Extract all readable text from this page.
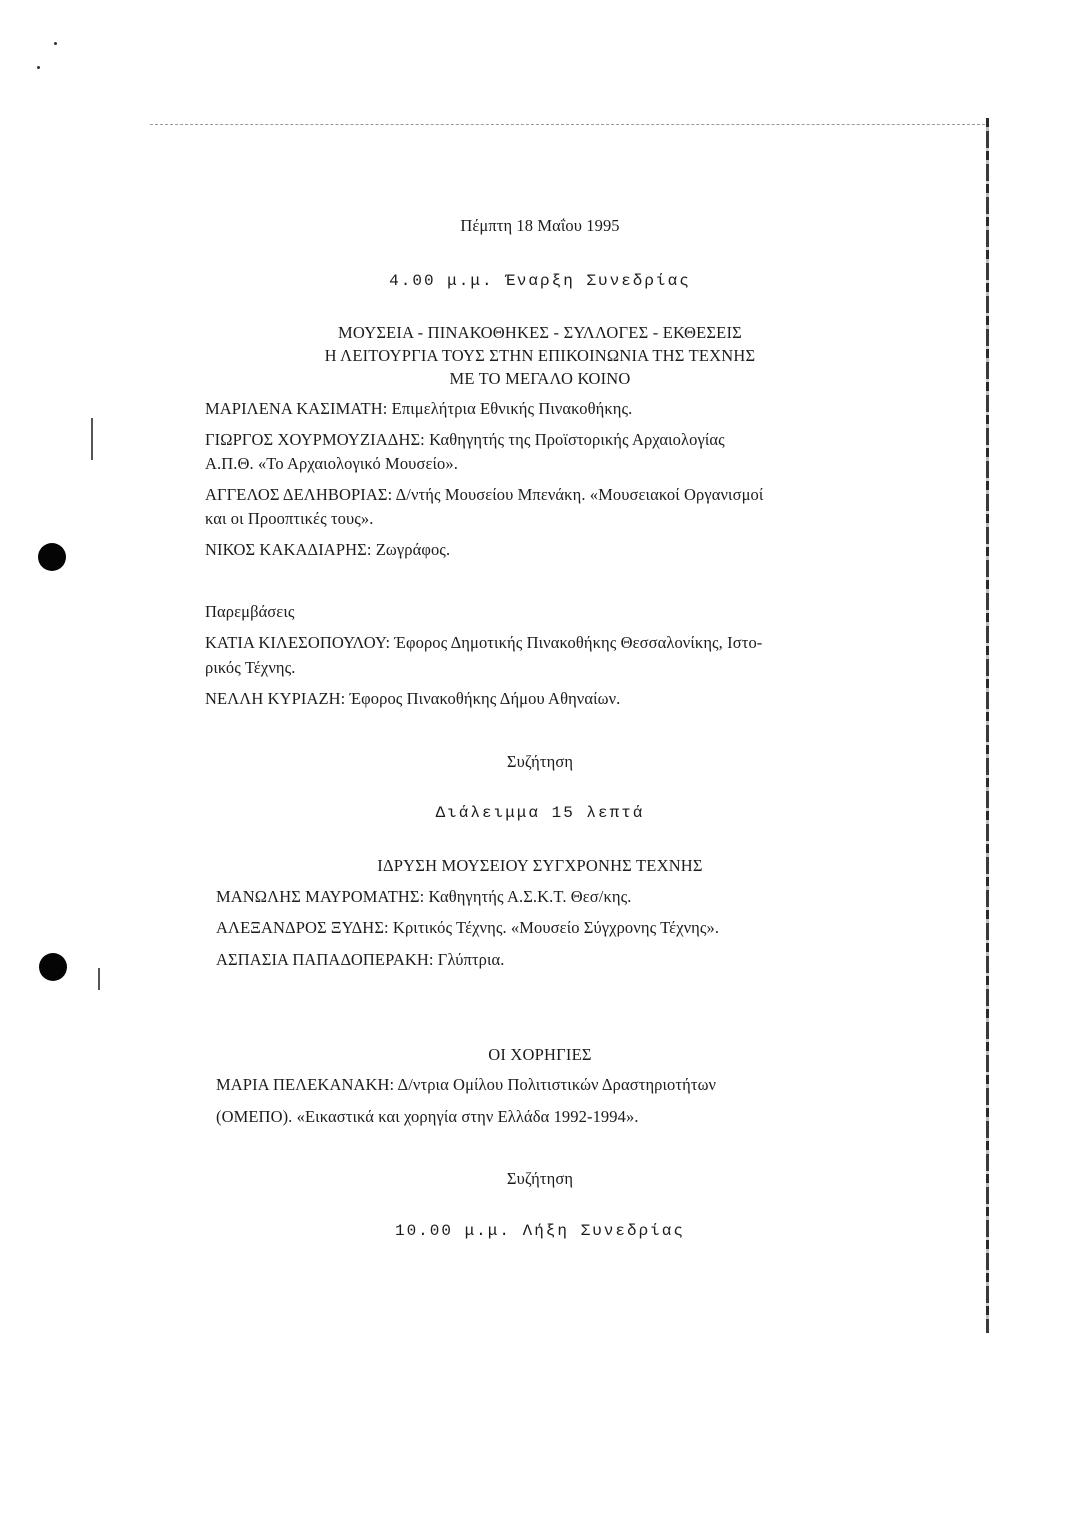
Πέμπτη 18 Μαΐου 1995
4.00 μ.μ. Έναρξη Συνεδρίας
ΜΟΥΣΕΙΑ - ΠΙΝΑΚΟΘΗΚΕΣ - ΣΥΛΛΟΓΕΣ - ΕΚΘΕΣΕΙΣ
Η ΛΕΙΤΟΥΡΓΙΑ ΤΟΥΣ ΣΤΗΝ ΕΠΙΚΟΙΝΩΝΙΑ ΤΗΣ ΤΕΧΝΗΣ
ΜΕ ΤΟ ΜΕΓΑΛΟ ΚΟΙΝΟ
ΜΑΡΙΛΕΝΑ ΚΑΣΙΜΑΤΗ: Επιμελήτρια Εθνικής Πινακοθήκης.
ΓΙΩΡΓΟΣ ΧΟΥΡΜΟΥΖΙΑΔΗΣ: Καθηγητής της Προϊστορικής Αρχαιολογίας
Α.Π.Θ. «Το Αρχαιολογικό Μουσείο».
ΑΓΓΕΛΟΣ ΔΕΛΗΒΟΡΙΑΣ: Δ/ντής Μουσείου Μπενάκη. «Μουσειακοί Οργανισμοί
και οι Προοπτικές τους».
ΝΙΚΟΣ ΚΑΚΑΔΙΑΡΗΣ: Ζωγράφος.
Παρεμβάσεις
ΚΑΤΙΑ ΚΙΛΕΣΟΠΟΥΛΟΥ: Έφορος Δημοτικής Πινακοθήκης Θεσσαλονίκης, Ιστο-
ρικός Τέχνης.
ΝΕΛΛΗ ΚΥΡΙΑΖΗ: Έφορος Πινακοθήκης Δήμου Αθηναίων.
Συζήτηση
Διάλειμμα 15 λεπτά
ΙΔΡΥΣΗ ΜΟΥΣΕΙΟΥ ΣΥΓΧΡΟΝΗΣ ΤΕΧΝΗΣ
ΜΑΝΩΛΗΣ ΜΑΥΡΟΜΑΤΗΣ: Καθηγητής Α.Σ.Κ.Τ. Θεσ/κης.
ΑΛΕΞΑΝΔΡΟΣ ΞΥΔΗΣ: Κριτικός Τέχνης. «Μουσείο Σύγχρονης Τέχνης».
ΑΣΠΑΣΙΑ ΠΑΠΑΔΟΠΕΡΑΚΗ: Γλύπτρια.
ΟΙ ΧΟΡΗΓΙΕΣ
ΜΑΡΙΑ ΠΕΛΕΚΑΝΑΚΗ: Δ/ντρια Ομίλου Πολιτιστικών Δραστηριοτήτων
(ΟΜΕΠΟ). «Εικαστικά και χορηγία στην Ελλάδα 1992-1994».
Συζήτηση
10.00 μ.μ. Λήξη Συνεδρίας
